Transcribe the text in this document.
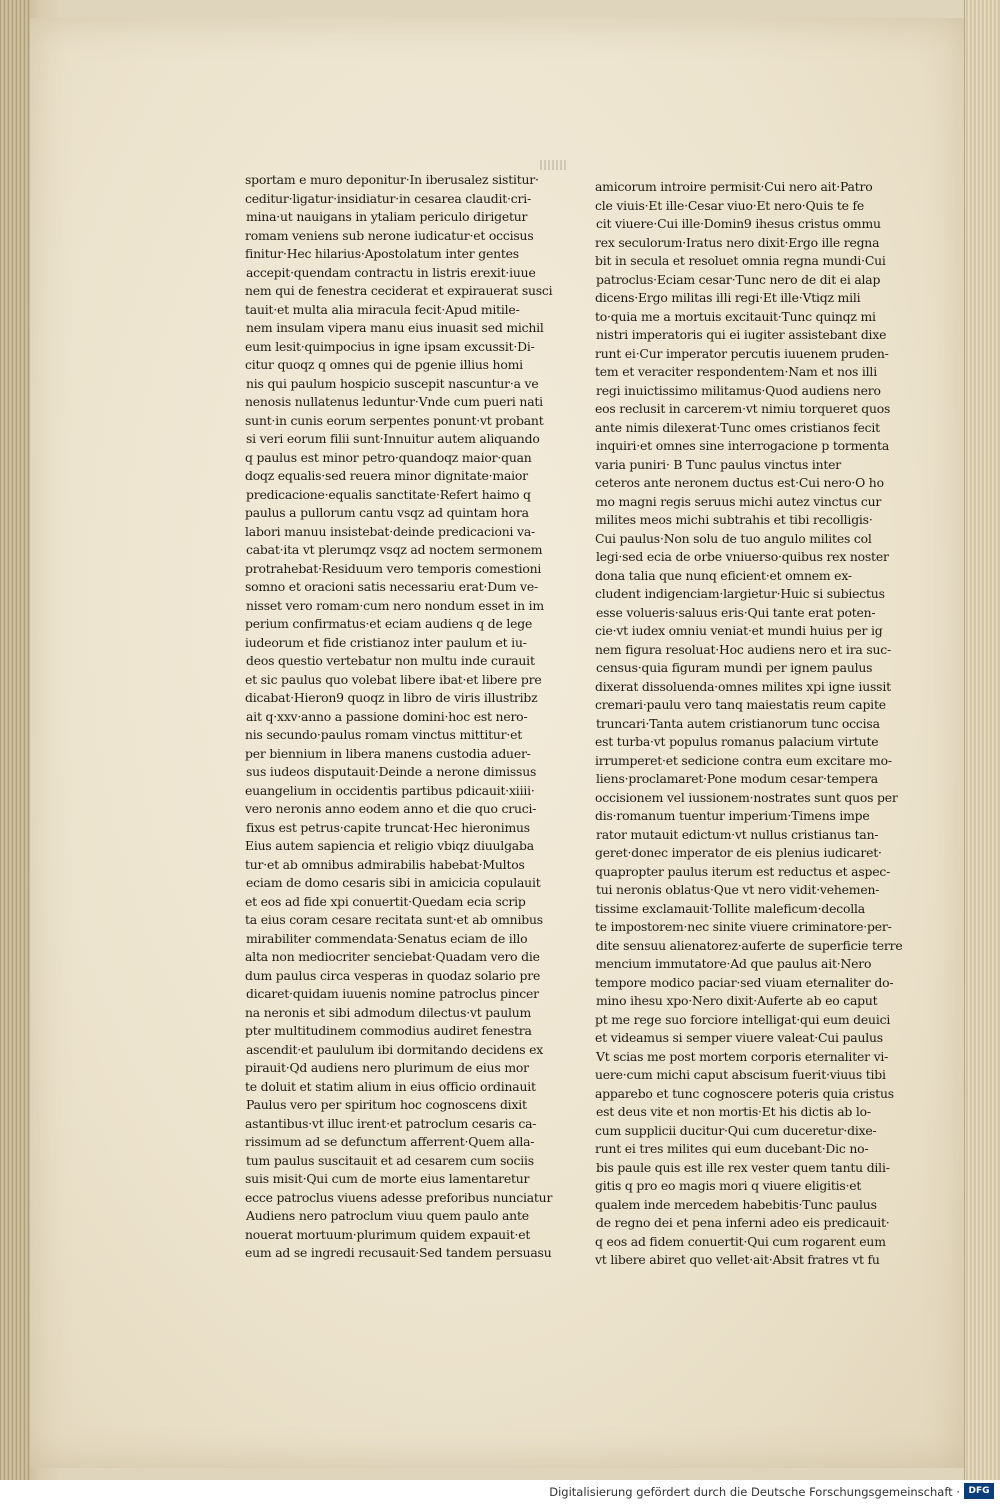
sportam e muro deponitur·In iberusalez sistitur·
ceditur·ligatur·insidiatur·in cesarea claudit·cri-
mina·ut nauigans in ytaliam periculo dirigetur
romam veniens sub nerone iudicatur·et occisus
finitur·Hec hilarius·Apostolatum inter gentes
accepit·quendam contractu in listris erexit·iuue
nem qui de fenestra ceciderat et expirauerat susci
tauit·et multa alia miracula fecit·Apud mitile-
nem insulam vipera manu eius inuasit sed michil
eum lesit·quimpocius in igne ipsam excussit·Di-
citur quoqz q omnes qui de pgenie illius homi
nis qui paulum hospicio suscepit nascuntur·a ve
nenosis nullatenus leduntur·Vnde cum pueri nati
sunt·in cunis eorum serpentes ponunt·vt probant
si veri eorum filii sunt·Innuitur autem aliquando
q paulus est minor petro·quandoqz maior·quan
doqz equalis·sed reuera minor dignitate·maior
predicacione·equalis sanctitate·Refert haimo q
paulus a pullorum cantu vsqz ad quintam hora
labori manuu insistebat·deinde predicacioni va-
cabat·ita vt plerumqz vsqz ad noctem sermonem
protrahebat·Residuum vero temporis comestioni
somno et oracioni satis necessariu erat·Dum ve-
nisset vero romam·cum nero nondum esset in im
perium confirmatus·et eciam audiens q de lege
iudeorum et fide cristianoz inter paulum et iu-
deos questio vertebatur non multu inde curauit
et sic paulus quo volebat libere ibat·et libere pre
dicabat·Hieron9 quoqz in libro de viris illustribz
ait q·xxv·anno a passione domini·hoc est nero-
nis secundo·paulus romam vinctus mittitur·et
per biennium in libera manens custodia aduer-
sus iudeos disputauit·Deinde a nerone dimissus
euangelium in occidentis partibus pdicauit·xiiii·
vero neronis anno eodem anno et die quo cruci-
fixus est petrus·capite truncat·Hec hieronimus
Eius autem sapiencia et religio vbiqz diuulgaba
tur·et ab omnibus admirabilis habebat·Multos
eciam de domo cesaris sibi in amicicia copulauit
et eos ad fide xpi conuertit·Quedam ecia scrip
ta eius coram cesare recitata sunt·et ab omnibus
mirabiliter commendata·Senatus eciam de illo
alta non mediocriter senciebat·Quadam vero die
dum paulus circa vesperas in quodaz solario pre
dicaret·quidam iuuenis nomine patroclus pincer
na neronis et sibi admodum dilectus·vt paulum
pter multitudinem commodius audiret fenestra
ascendit·et paululum ibi dormitando decidens ex
pirauit·Qd audiens nero plurimum de eius mor
te doluit et statim alium in eius officio ordinauit
Paulus vero per spiritum hoc cognoscens dixit
astantibus·vt illuc irent·et patroclum cesaris ca-
rissimum ad se defunctum afferrent·Quem alla-
tum paulus suscitauit et ad cesarem cum sociis
suis misit·Qui cum de morte eius lamentaretur
ecce patroclus viuens adesse preforibus nunciatur
Audiens nero patroclum viuu quem paulo ante
nouerat mortuum·plurimum quidem expauit·et
eum ad se ingredi recusauit·Sed tandem persuasu
amicorum introire permisit·Cui nero ait·Patro
cle viuis·Et ille·Cesar viuo·Et nero·Quis te fe
cit viuere·Cui ille·Domin9 ihesus cristus ommu
rex seculorum·Iratus nero dixit·Ergo ille regna
bit in secula et resoluet omnia regna mundi·Cui
patroclus·Eciam cesar·Tunc nero de dit ei alap
dicens·Ergo militas illi regi·Et ille·Vtiqz mili
to·quia me a mortuis excitauit·Tunc quinqz mi
nistri imperatoris qui ei iugiter assistebant dixe
runt ei·Cur imperator percutis iuuenem pruden-
tem et veraciter respondentem·Nam et nos illi
regi inuictissimo militamus·Quod audiens nero
eos reclusit in carcerem·vt nimiu torqueret quos
ante nimis dilexerat·Tunc omes cristianos fecit
inquiri·et omnes sine interrogacione p tormenta
varia puniri· B Tunc paulus vinctus inter
ceteros ante neronem ductus est·Cui nero·O ho
mo magni regis seruus michi autez vinctus cur
milites meos michi subtrahis et tibi recolligis·
Cui paulus·Non solu de tuo angulo milites col
legi·sed ecia de orbe vniuerso·quibus rex noster
dona talia que nunq eficient·et omnem ex-
cludent indigenciam·largietur·Huic si subiectus
esse volueris·saluus eris·Qui tante erat poten-
cie·vt iudex omniu veniat·et mundi huius per ig
nem figura resoluat·Hoc audiens nero et ira suc-
census·quia figuram mundi per ignem paulus
dixerat dissoluenda·omnes milites xpi igne iussit
cremari·paulu vero tanq maiestatis reum capite
truncari·Tanta autem cristianorum tunc occisa
est turba·vt populus romanus palacium virtute
irrumperet·et sedicione contra eum excitare mo-
liens·proclamaret·Pone modum cesar·tempera
occisionem vel iussionem·nostrates sunt quos per
dis·romanum tuentur imperium·Timens impe
rator mutauit edictum·vt nullus cristianus tan-
geret·donec imperator de eis plenius iudicaret·
quapropter paulus iterum est reductus et aspec-
tui neronis oblatus·Que vt nero vidit·vehemen-
tissime exclamauit·Tollite maleficum·decolla
te impostorem·nec sinite viuere criminatore·per-
dite sensuu alienatorez·auferte de superficie terre
mencium immutatore·Ad que paulus ait·Nero
tempore modico paciar·sed viuam eternaliter do-
mino ihesu xpo·Nero dixit·Auferte ab eo caput
pt me rege suo forciore intelligat·qui eum deuici
et videamus si semper viuere valeat·Cui paulus
Vt scias me post mortem corporis eternaliter vi-
uere·cum michi caput abscisum fuerit·viuus tibi
apparebo et tunc cognoscere poteris quia cristus
est deus vite et non mortis·Et his dictis ab lo-
cum supplicii ducitur·Qui cum duceretur·dixe-
runt ei tres milites qui eum ducebant·Dic no-
bis paule quis est ille rex vester quem tantu dili-
gitis q pro eo magis mori q viuere eligitis·et
qualem inde mercedem habebitis·Tunc paulus
de regno dei et pena inferni adeo eis predicauit·
q eos ad fidem conuertit·Qui cum rogarent eum
vt libere abiret quo vellet·ait·Absit fratres vt fu
Digitalisierung gefördert durch die Deutsche Forschungsgemeinschaft · DFG
